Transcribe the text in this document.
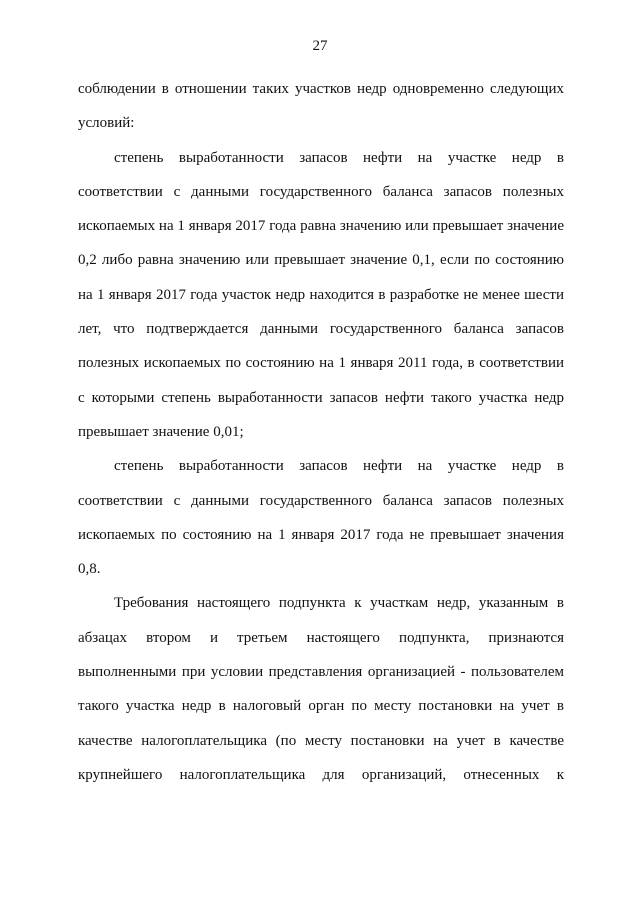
27

соблюдении в отношении таких участков недр одновременно следующих условий:

степень выработанности запасов нефти на участке недр в соответствии с данными государственного баланса запасов полезных ископаемых на 1 января 2017 года равна значению или превышает значение 0,2 либо равна значению или превышает значение 0,1, если по состоянию на 1 января 2017 года участок недр находится в разработке не менее шести лет, что подтверждается данными государственного баланса запасов полезных ископаемых по состоянию на 1 января 2011 года, в соответствии с которыми степень выработанности запасов нефти такого участка недр превышает значение 0,01;

степень выработанности запасов нефти на участке недр в соответствии с данными государственного баланса запасов полезных ископаемых по состоянию на 1 января 2017 года не превышает значения 0,8.

Требования настоящего подпункта к участкам недр, указанным в абзацах втором и третьем настоящего подпункта, признаются выполненными при условии представления организацией - пользователем такого участка недр в налоговый орган по месту постановки на учет в качестве налогоплательщика (по месту постановки на учет в качестве крупнейшего налогоплательщика для организаций, отнесенных к
